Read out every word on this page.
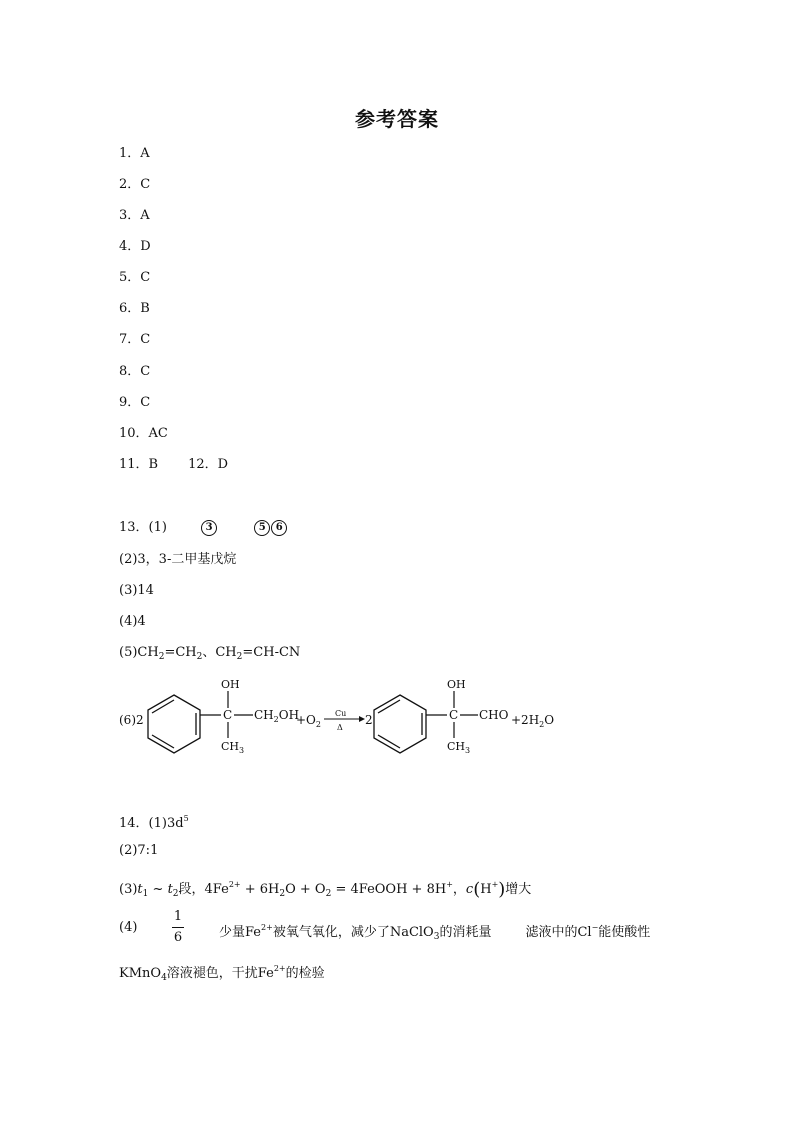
参考答案
1．A
2．C
3．A
4．D
5．C
6．B
7．C
8．C
9．C
10．AC
11．B 12．D
13．(1)	3	5 6
(2)3，3-二甲基戊烷
(3)14
(4)4
$(5)CH_2=CH_2$、$CH_2=CH-CN$
(6)2	C
OH
$CH_3$
$CH_2OH$
$+O_2$
Cu
Δ
2	C
OH
$CH_3$
CHO $+2H_2O$
14．$(1)3d^5$
(2)7:1
$(3)t_1$ ~ $t_2$段，$4Fe^{2+} + 6H_2O + O_2$ = 4FeOOH + 8H+，c(H+)增大
(4)
1
6	少量$Fe^{2+}$被氧气氧化，减少了NaClO$_3$的消耗量	滤液中的Cl−能使酸性
KMnO$_4$溶液褪色，干扰$Fe^{2+}$的检验
